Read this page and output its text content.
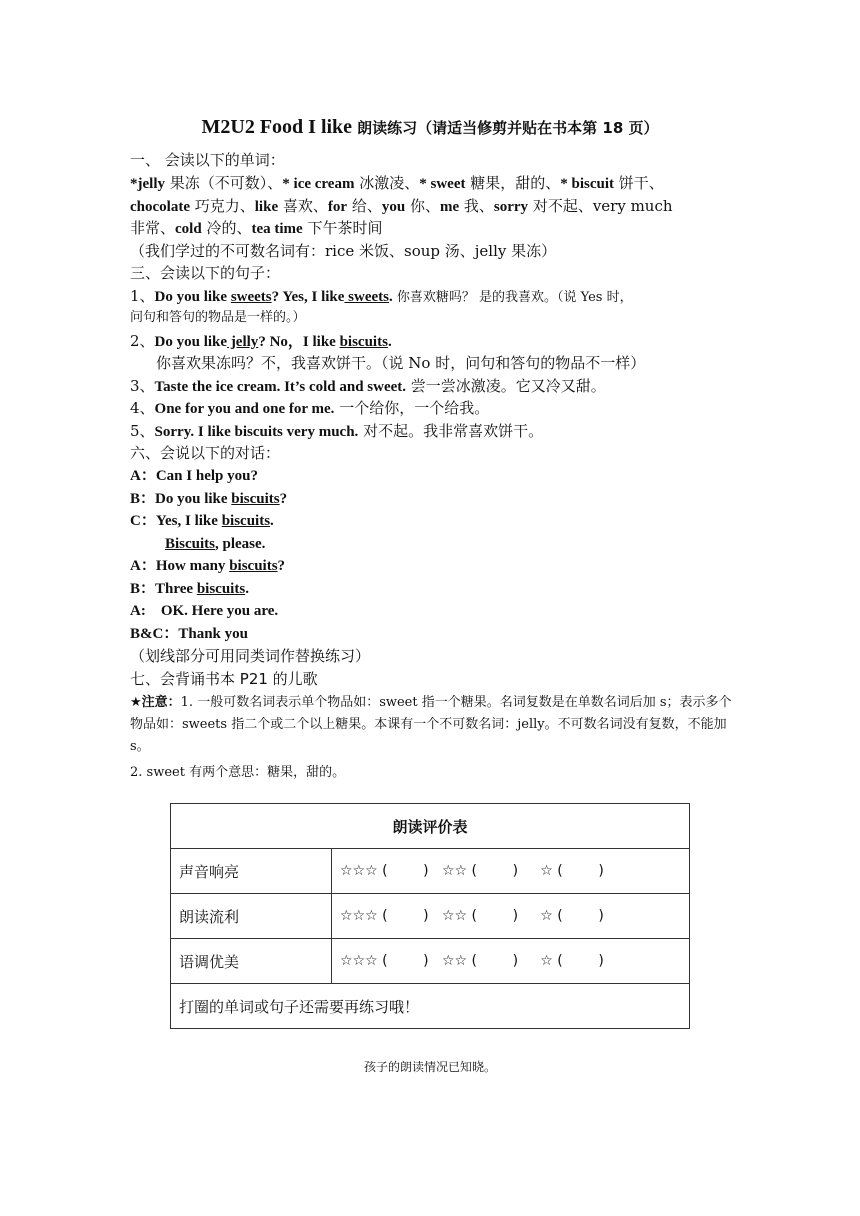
M2U2 Food I like 朗读练习（请适当修剪并贴在书本第 18 页）
一、 会读以下的单词：
*jelly 果冻（不可数）、* ice cream 冰激凌、* sweet 糖果，甜的、* biscuit 饼干、
chocolate 巧克力、like 喜欢、for 给、you 你、me 我、sorry 对不起、very much
非常、cold 冷的、tea time 下午茶时间
（我们学过的不可数名词有：rice 米饭、soup 汤、jelly 果冻）
三、会读以下的句子：
1、Do you like sweets? Yes, I like sweets. 你喜欢糖吗？ 是的我喜欢。（说 Yes 时，
问句和答句的物品是一样的。）
2、Do you like jelly? No，I like biscuits.
你喜欢果冻吗？不，我喜欢饼干。（说 No 时，问句和答句的物品不一样）
3、Taste the ice cream. It’s cold and sweet. 尝一尝冰激凌。它又冷又甜。
4、One for you and one for me. 一个给你，一个给我。
5、Sorry. I like biscuits very much. 对不起。我非常喜欢饼干。
六、会说以下的对话：
A：Can I help you?
B：Do you like biscuits?
C：Yes, I like biscuits.
Biscuits, please.
A：How many biscuits?
B：Three biscuits.
A:    OK. Here you are.
B&C：Thank you
（划线部分可用同类词作替换练习）
七、会背诵书本 P21 的儿歌
★注意：1. 一般可数名词表示单个物品如：sweet 指一个糖果。名词复数是在单数名词后加 s；表示多个物品如：sweets 指二个或二个以上糖果。本课有一个不可数名词：jelly。不可数名词没有复数，不能加 s。
2. sweet 有两个意思：糖果，甜的。
朗读评价表	
声音响亮	☆☆☆ (        )   ☆☆ (        )     ☆ (        )
朗读流利	☆☆☆ (        )   ☆☆ (        )     ☆ (        )
语调优美	☆☆☆ (        )   ☆☆ (        )     ☆ (        )
打圈的单词或句子还需要再练习哦！	
孩子的朗读情况已知晓。
